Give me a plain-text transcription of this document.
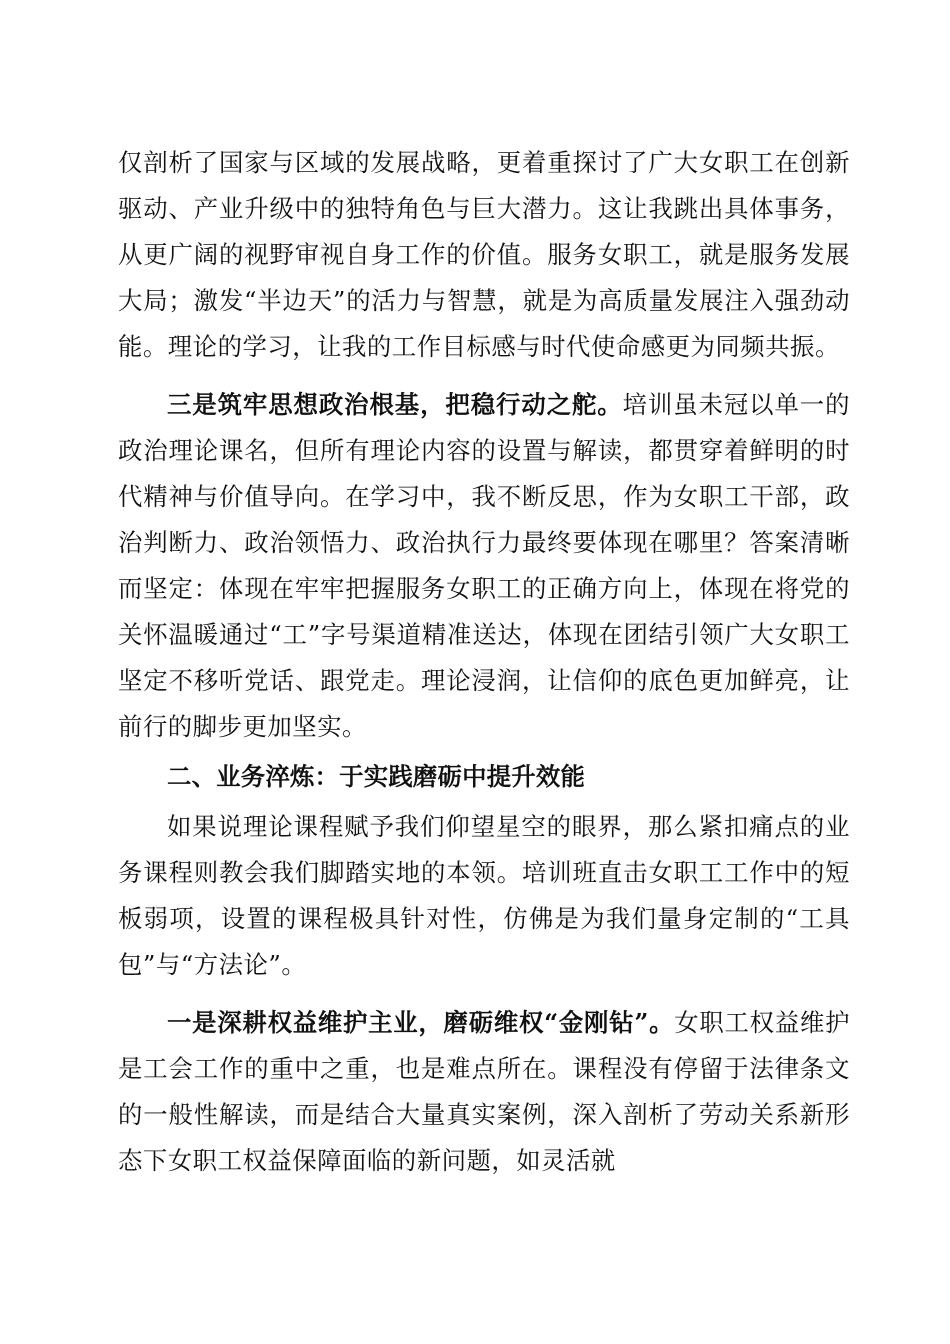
仅剖析了国家与区域的发展战略，更着重探讨了广大女职工在创新驱动、产业升级中的独特角色与巨大潜力。这让我跳出具体事务，从更广阔的视野审视自身工作的价值。服务女职工，就是服务发展大局；激发“半边天”的活力与智慧，就是为高质量发展注入强劲动能。理论的学习，让我的工作目标感与时代使命感更为同频共振。

三是筑牢思想政治根基，把稳行动之舵。培训虽未冠以单一的政治理论课名，但所有理论内容的设置与解读，都贯穿着鲜明的时代精神与价值导向。在学习中，我不断反思，作为女职工干部，政治判断力、政治领悟力、政治执行力最终要体现在哪里？答案清晰而坚定：体现在牢牢把握服务女职工的正确方向上，体现在将党的关怀温暖通过“工”字号渠道精准送达，体现在团结引领广大女职工坚定不移听党话、跟党走。理论浸润，让信仰的底色更加鲜亮，让前行的脚步更加坚实。

二、业务淬炼：于实践磨砺中提升效能

如果说理论课程赋予我们仰望星空的眼界，那么紧扣痛点的业务课程则教会我们脚踏实地的本领。培训班直击女职工工作中的短板弱项，设置的课程极具针对性，仿佛是为我们量身定制的“工具包”与“方法论”。

一是深耕权益维护主业，磨砺维权“金刚钻”。女职工权益维护是工会工作的重中之重，也是难点所在。课程没有停留于法律条文的一般性解读，而是结合大量真实案例，深入剖析了劳动关系新形态下女职工权益保障面临的新问题，如灵活就
